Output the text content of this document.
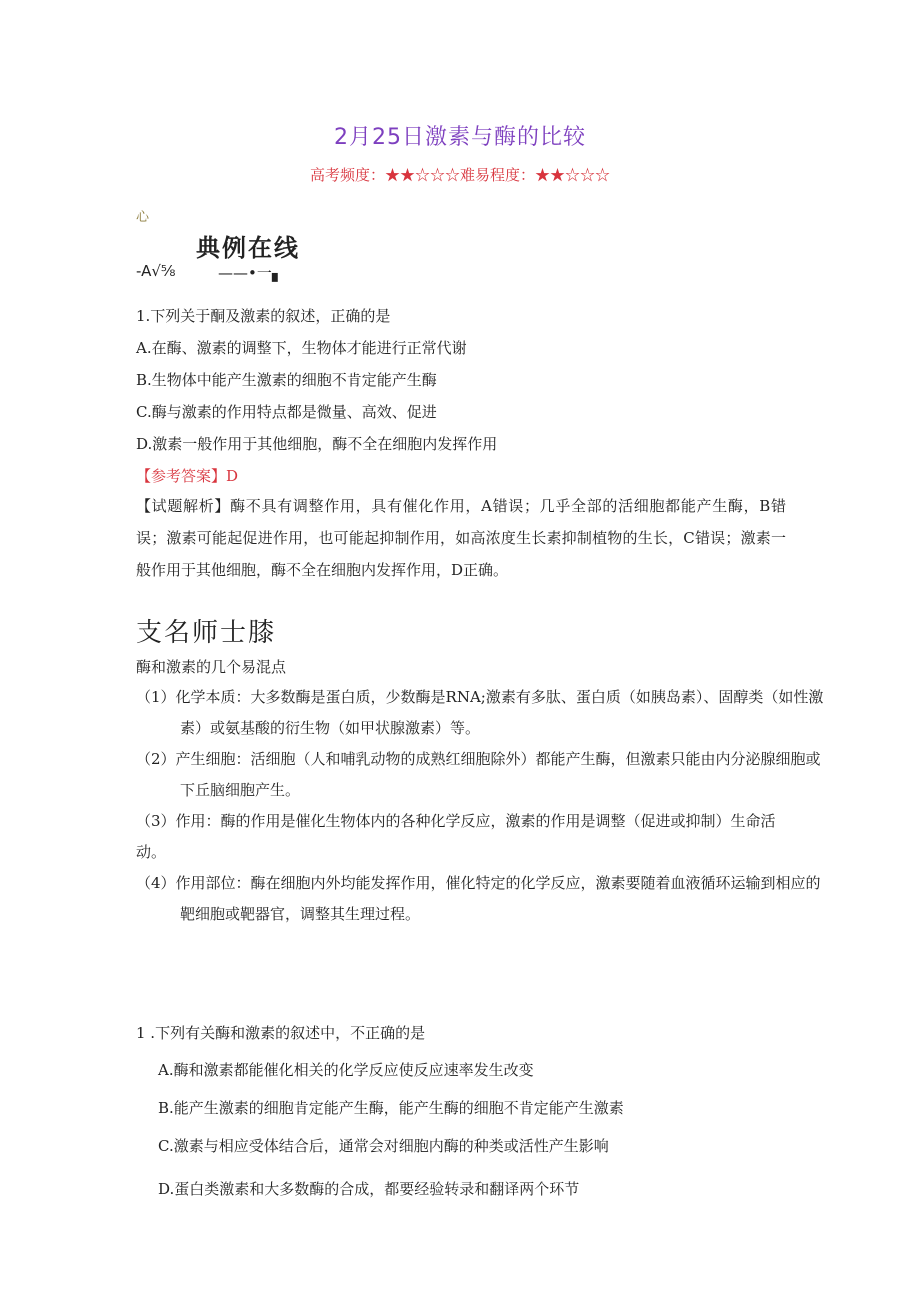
2月25日激素与酶的比较
高考频度：★★☆☆☆难易程度：★★☆☆☆
心
典例在线
-A√⅝	——•一▖
1.下列关于酮及激素的叙述，正确的是
A.在酶、激素的调整下，生物体才能进行正常代谢
B.生物体中能产生激素的细胞不肯定能产生酶
C.酶与激素的作用特点都是微量、高效、促进
D.激素一般作用于其他细胞，酶不全在细胞内发挥作用
【参考答案】D
【试题解析】酶不具有调整作用，具有催化作用，A错误；几乎全部的活细胞都能产生酶，B错误；激素可能起促进作用，也可能起抑制作用，如高浓度生长素抑制植物的生长，C错误；激素一般作用于其他细胞，酶不全在细胞内发挥作用，D正确。
支名师士膝
酶和激素的几个易混点
（1）化学本质：大多数酶是蛋白质，少数酶是RNA;激素有多肽、蛋白质（如胰岛素）、固醇类（如性激素）或氨基酸的衍生物（如甲状腺激素）等。
（2）产生细胞：活细胞（人和哺乳动物的成熟红细胞除外）都能产生酶，但激素只能由内分泌腺细胞或下丘脑细胞产生。
（3）作用：酶的作用是催化生物体内的各种化学反应，激素的作用是调整（促进或抑制）生命活动。
（4）作用部位：酶在细胞内外均能发挥作用，催化特定的化学反应，激素要随着血液循环运输到相应的靶细胞或靶器官，调整其生理过程。
1 .下列有关酶和激素的叙述中，不正确的是
A.酶和激素都能催化相关的化学反应使反应速率发生改变
B.能产生激素的细胞肯定能产生酶，能产生酶的细胞不肯定能产生激素
C.激素与相应受体结合后，通常会对细胞内酶的种类或活性产生影响
D.蛋白类激素和大多数酶的合成，都要经验转录和翻译两个环节
